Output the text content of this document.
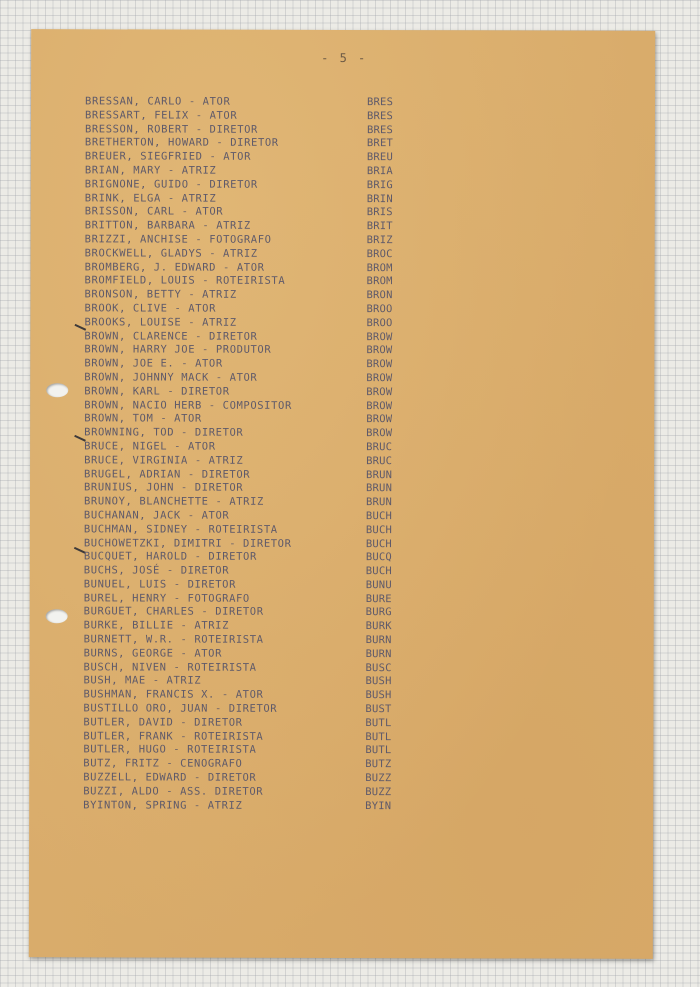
- 5 -
BRESSAN, CARLO - ATOR	BRES
BRESSART, FELIX - ATOR	BRES
BRESSON, ROBERT - DIRETOR	BRES
BRETHERTON, HOWARD - DIRETOR	BRET
BREUER, SIEGFRIED - ATOR	BREU
BRIAN, MARY - ATRIZ	BRIA
BRIGNONE, GUIDO - DIRETOR	BRIG
BRINK, ELGA - ATRIZ	BRIN
BRISSON, CARL - ATOR	BRIS
BRITTON, BARBARA - ATRIZ	BRIT
BRIZZI, ANCHISE - FOTOGRAFO	BRIZ
BROCKWELL, GLADYS - ATRIZ	BROC
BROMBERG, J. EDWARD - ATOR	BROM
BROMFIELD, LOUIS - ROTEIRISTA	BROM
BRONSON, BETTY - ATRIZ	BRON
BROOK, CLIVE - ATOR	BROO
BROOKS, LOUISE - ATRIZ	BROO
BROWN, CLARENCE - DIRETOR	BROW
BROWN, HARRY JOE - PRODUTOR	BROW
BROWN, JOE E. - ATOR	BROW
BROWN, JOHNNY MACK - ATOR	BROW
BROWN, KARL - DIRETOR	BROW
BROWN, NACIO HERB - COMPOSITOR	BROW
BROWN, TOM - ATOR	BROW
BROWNING, TOD - DIRETOR	BROW
BRUCE, NIGEL - ATOR	BRUC
BRUCE, VIRGINIA - ATRIZ	BRUC
BRUGEL, ADRIAN - DIRETOR	BRUN
BRUNIUS, JOHN - DIRETOR	BRUN
BRUNOY, BLANCHETTE - ATRIZ	BRUN
BUCHANAN, JACK - ATOR	BUCH
BUCHMAN, SIDNEY - ROTEIRISTA	BUCH
BUCHOWETZKI, DIMITRI - DIRETOR	BUCH
BUCQUET, HAROLD - DIRETOR	BUCQ
BUCHS, JOSÉ - DIRETOR	BUCH
BUNUEL, LUIS - DIRETOR	BUNU
BUREL, HENRY - FOTOGRAFO	BURE
BURGUET, CHARLES - DIRETOR	BURG
BURKE, BILLIE - ATRIZ	BURK
BURNETT, W.R. - ROTEIRISTA	BURN
BURNS, GEORGE - ATOR	BURN
BUSCH, NIVEN - ROTEIRISTA	BUSC
BUSH, MAE - ATRIZ	BUSH
BUSHMAN, FRANCIS X. - ATOR	BUSH
BUSTILLO ORO, JUAN - DIRETOR	BUST
BUTLER, DAVID - DIRETOR	BUTL
BUTLER, FRANK - ROTEIRISTA	BUTL
BUTLER, HUGO - ROTEIRISTA	BUTL
BUTZ, FRITZ - CENOGRAFO	BUTZ
BUZZELL, EDWARD - DIRETOR	BUZZ
BUZZI, ALDO - ASS. DIRETOR	BUZZ
BYINTON, SPRING - ATRIZ	BYIN
